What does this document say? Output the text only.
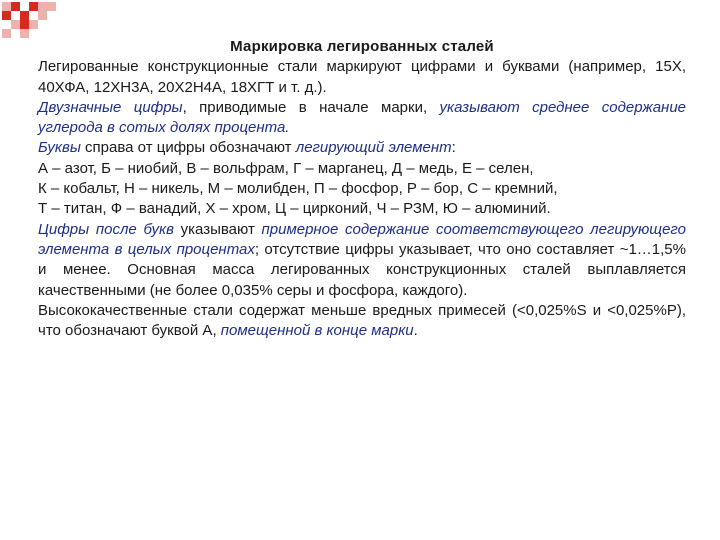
Маркировка легированных сталей
Легированные конструкционные стали маркируют цифрами и буквами (например, 15Х, 40ХФА, 12ХН3А, 20Х2Н4А, 18ХГТ и т. д.).
Двузначные цифры, приводимые в начале марки, указывают среднее содержание углерода в сотых долях процента.
Буквы справа от цифры обозначают легирующий элемент:
А – азот, Б – ниобий, В – вольфрам, Г – марганец, Д – медь, Е – селен,
К – кобальт, Н – никель, М – молибден, П – фосфор, Р – бор, С – кремний,
Т – титан, Ф – ванадий, Х – хром, Ц – цирконий, Ч – РЗМ, Ю – алюминий.
Цифры после букв указывают примерное содержание соответствующего легирующего элемента в целых процентах; отсутствие цифры указывает, что оно составляет ~1…1,5% и менее. Основная масса легированных конструкционных сталей выплавляется качественными (не более 0,035% серы и фосфора, каждого).
Высококачественные стали содержат меньше вредных примесей (<0,025%S и <0,025%P), что обозначают буквой А, помещенной в конце марки.
